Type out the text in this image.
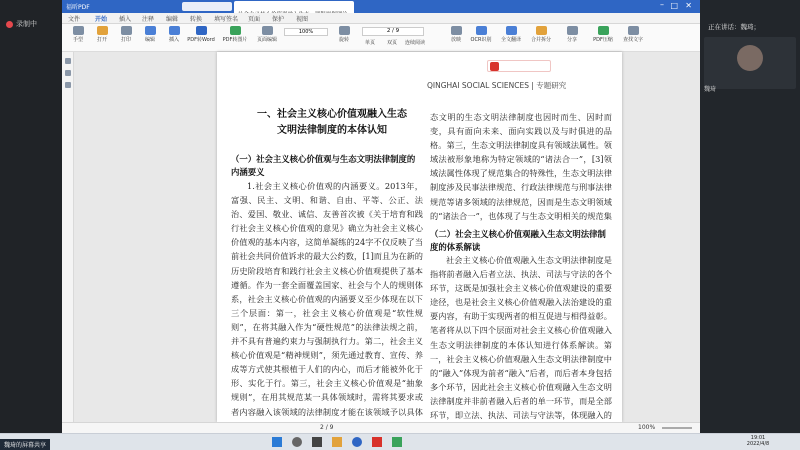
录制中
福昕PDF	✕
□
–
文件 开始 插入 注释 编辑 转换 填写签名 页面 保护 视图
手型	打开	打印	编辑	插入	PDF转Word	PDF转图片	页面编辑
100%	2 / 9
旋转	单页	双页	连续阅读	放映	OCR识别	全文翻译	合并拆分	分享	PDF压缩	查找文字
QINGHAI SOCIAL SCIENCES | 专题研究
一、社会主义核心价值观融入生态
文明法律制度的本体认知
（一）社会主义核心价值观与生态文明法律制度的内涵要义
1.社会主义核心价值观的内涵要义。2013年，富强、民主、文明、和谐、自由、平等、公正、法治、爱国、敬业、诚信、友善首次被《关于培育和践行社会主义核心价值观的意见》确立为社会主义核心价值观的基本内容，这简单凝练的24字不仅反映了当前社会共同价值诉求的最大公约数，[1]而且为在新的历史阶段培育和践行社会主义核心价值观提供了基本遵循。作为一套全面覆盖国家、社会与个人的规则体系，社会主义核心价值观的内涵要义至少体现在以下三个层面：第一，社会主义核心价值观是“软性规则”，在将其融入作为“硬性规范”的法律法规之前，并不具有普遍约束力与强制执行力。第二，社会主义核心价值观是“精神规则”，须先通过教育、宣传、养成等方式使其根植于人们的内心，而后才能被外化于形、实化于行。第三，社会主义核心价值观是“抽象规则”，在用其规范某一具体领域时，需将其要求或者内容融入该领域的法律制度才能在该领域予以具体
态文明的生态文明法律制度也因时而生、因时而变，具有面向未来、面向实践以及与时俱进的品格。第三，生态文明法律制度具有领域法属性。领域法被形象地称为特定领域的“诸法合一”，[3]领域法属性体现了规范集合的特殊性，生态文明法律制度涉及民事法律规范、行政法律规范与刑事法律规范等诸多领域的法律规范，因而是生态文明领域的“诸法合一”，也体现了与生态文明相关的规范集
（二）社会主义核心价值观融入生态文明法律制度的体系解读
社会主义核心价值观融入生态文明法律制度是指将前者融入后者立法、执法、司法与守法的各个环节，这既是加强社会主义核心价值观建设的重要途径，也是社会主义核心价值观融入法治建设的重要内容，有助于实现两者的相互促进与相得益彰。笔者将从以下四个层面对社会主义核心价值观融入生态文明法律制度的本体认知进行体系解读。第一，社会主义核心价值观融入生态文明法律制度中的“融入”体现为前者“融入”后者，而后者本身包括多个环节，因此社会主义核心价值观融入生态文明法律制度并非前者融入后者的单一环节，而是全部环节，即立法、执法、司法与守法等，体现融入的
2 / 9	100%
正在讲话：魏琦；
魏琦
19:01
2022/4/8
魏琦的屏幕共享
